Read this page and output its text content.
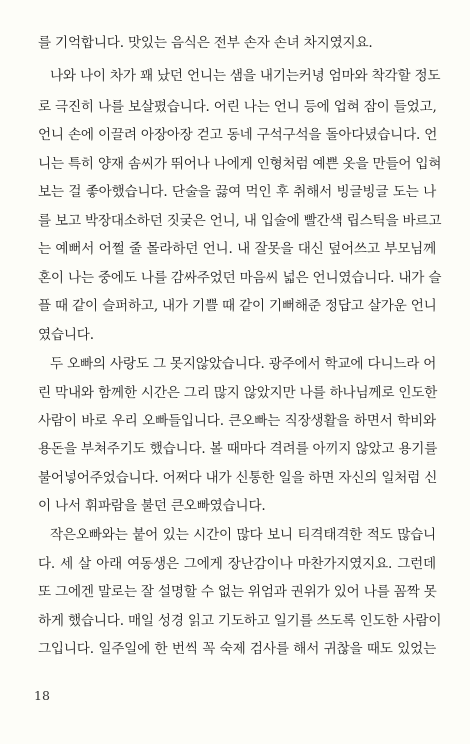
를 기억합니다. 맛있는 음식은 전부 손자 손녀 차지였지요.
나와 나이 차가 꽤 났던 언니는 샘을 내기는커녕 엄마와 착각할 정도
로 극진히 나를 보살폈습니다. 어린 나는 언니 등에 업혀 잠이 들었고,
언니 손에 이끌려 아장아장 걷고 동네 구석구석을 돌아다녔습니다. 언
니는 특히 양재 솜씨가 뛰어나 나에게 인형처럼 예쁜 옷을 만들어 입혀
보는 걸 좋아했습니다. 단술을 끓여 먹인 후 취해서 빙글빙글 도는 나
를 보고 박장대소하던 짓궂은 언니, 내 입술에 빨간색 립스틱을 바르고
는 예뻐서 어쩔 줄 몰라하던 언니. 내 잘못을 대신 덮어쓰고 부모님께
혼이 나는 중에도 나를 감싸주었던 마음씨 넓은 언니였습니다. 내가 슬
플 때 같이 슬퍼하고, 내가 기쁠 때 같이 기뻐해준 정답고 살가운 언니
였습니다.
두 오빠의 사랑도 그 못지않았습니다. 광주에서 학교에 다니느라 어
린 막내와 함께한 시간은 그리 많지 않았지만 나를 하나님께로 인도한
사람이 바로 우리 오빠들입니다. 큰오빠는 직장생활을 하면서 학비와
용돈을 부쳐주기도 했습니다. 볼 때마다 격려를 아끼지 않았고 용기를
불어넣어주었습니다. 어쩌다 내가 신통한 일을 하면 자신의 일처럼 신
이 나서 휘파람을 불던 큰오빠였습니다.
작은오빠와는 붙어 있는 시간이 많다 보니 티격태격한 적도 많습니
다. 세 살 아래 여동생은 그에게 장난감이나 마찬가지였지요. 그런데
또 그에겐 말로는 잘 설명할 수 없는 위엄과 권위가 있어 나를 꼼짝 못
하게 했습니다. 매일 성경 읽고 기도하고 일기를 쓰도록 인도한 사람이
그입니다. 일주일에 한 번씩 꼭 숙제 검사를 해서 귀찮을 때도 있었는
18
